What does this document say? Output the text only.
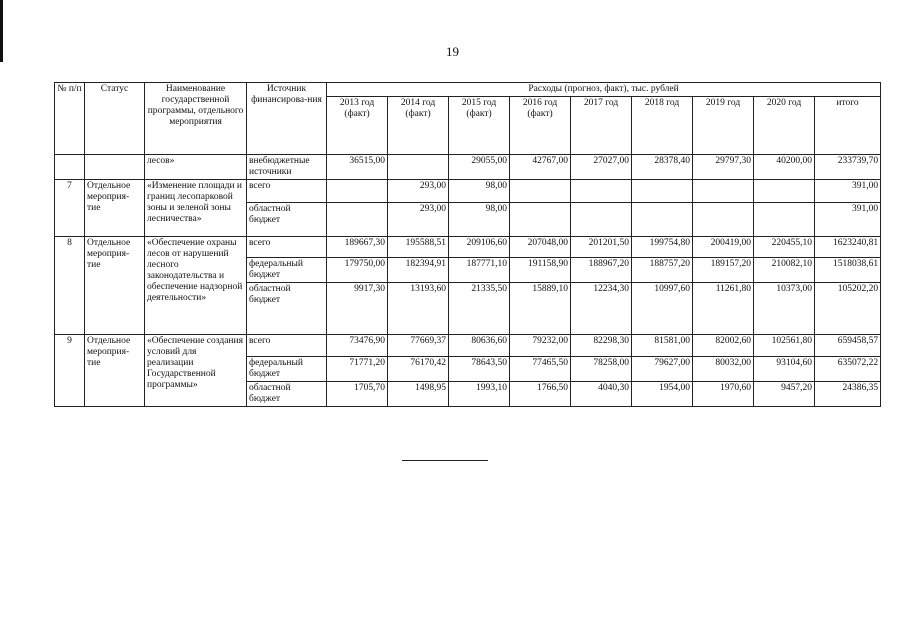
19
№ п/п	Статус	Наименование государственной программы, отдельного мероприятия	Источник финансирова-ния	Расходы (прогноз, факт), тыс. рублей								
				2013 год (факт)	2014 год (факт)	2015 год (факт)	2016 год (факт)	2017 год	2018 год	2019 год	2020 год	итого
		лесов»	внебюджетные источники	36515,00		29055,00	42767,00	27027,00	28378,40	29797,30	40200,00	233739,70
7	Отдельное мероприя-тие	«Изменение площади и границ лесопарковой зоны и зеленой зоны лесничества»	всего		293,00	98,00						391,00
			областной бюджет		293,00	98,00						391,00
8	Отдельное мероприя-тие	«Обеспечение охраны лесов от нарушений лесного законодательства и обеспечение надзорной деятельности»	всего	189667,30	195588,51	209106,60	207048,00	201201,50	199754,80	200419,00	220455,10	1623240,81
			федеральный бюджет	179750,00	182394,91	187771,10	191158,90	188967,20	188757,20	189157,20	210082,10	1518038,61
			областной бюджет	9917,30	13193,60	21335,50	15889,10	12234,30	10997,60	11261,80	10373,00	105202,20
9	Отдельное мероприя-тие	«Обеспечение создания условий для реализации Государственной программы»	всего	73476,90	77669,37	80636,60	79232,00	82298,30	81581,00	82002,60	102561,80	659458,57
			федеральный бюджет	71771,20	76170,42	78643,50	77465,50	78258,00	79627,00	80032,00	93104,60	635072,22
			областной бюджет	1705,70	1498,95	1993,10	1766,50	4040,30	1954,00	1970,60	9457,20	24386,35
